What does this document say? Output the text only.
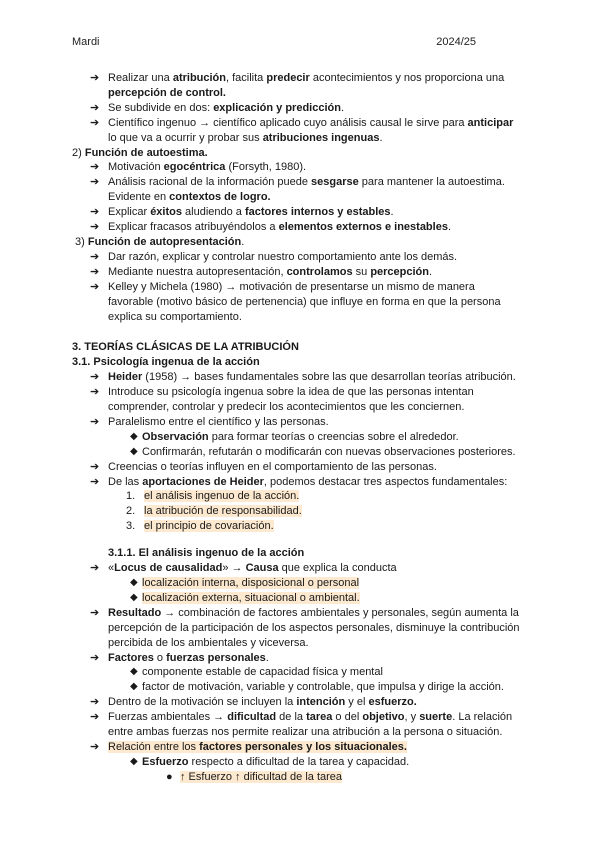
Mardi	2024/25
➔ Realizar una atribución, facilita predecir acontecimientos y nos proporciona una
percepción de control.
➔ Se subdivide en dos: explicación y predicción.
➔ Científico ingenuo → científico aplicado cuyo análisis causal le sirve para anticipar
lo que va a ocurrir y probar sus atribuciones ingenuas.
2) Función de autoestima.
➔ Motivación egocéntrica (Forsyth, 1980).
➔ Análisis racional de la información puede sesgarse para mantener la autoestima.
Evidente en contextos de logro.
➔ Explicar éxitos aludiendo a factores internos y estables.
➔ Explicar fracasos atribuyéndolos a elementos externos e inestables.
3) Función de autopresentación.
➔ Dar razón, explicar y controlar nuestro comportamiento ante los demás.
➔ Mediante nuestra autopresentación, controlamos su percepción.
➔ Kelley y Michela (1980) → motivación de presentarse un mismo de manera
favorable (motivo básico de pertenencia) que influye en forma en que la persona
explica su comportamiento.
3. TEORÍAS CLÁSICAS DE LA ATRIBUCIÓN
3.1. Psicología ingenua de la acción
➔ Heider (1958) → bases fundamentales sobre las que desarrollan teorías atribución.
➔ Introduce su psicología ingenua sobre la idea de que las personas intentan
comprender, controlar y predecir los acontecimientos que les conciernen.
➔ Paralelismo entre el científico y las personas.
◆ Observación para formar teorías o creencias sobre el alrededor.
◆ Confirmarán, refutarán o modificarán con nuevas observaciones posteriores.
➔ Creencias o teorías influyen en el comportamiento de las personas.
➔ De las aportaciones de Heider, podemos destacar tres aspectos fundamentales:
1. el análisis ingenuo de la acción.
2. la atribución de responsabilidad.
3. el principio de covariación.
3.1.1. El análisis ingenuo de la acción
➔ «Locus de causalidad» → Causa que explica la conducta
◆ localización interna, disposicional o personal
◆ localización externa, situacional o ambiental.
➔ Resultado → combinación de factores ambientales y personales, según aumenta la
percepción de la participación de los aspectos personales, disminuye la contribución
percibida de los ambientales y viceversa.
➔ Factores o fuerzas personales.
◆ componente estable de capacidad física y mental
◆ factor de motivación, variable y controlable, que impulsa y dirige la acción.
➔ Dentro de la motivación se incluyen la intención y el esfuerzo.
➔ Fuerzas ambientales → dificultad de la tarea o del objetivo, y suerte. La relación
entre ambas fuerzas nos permite realizar una atribución a la persona o situación.
➔ Relación entre los factores personales y los situacionales.
◆ Esfuerzo respecto a dificultad de la tarea y capacidad.
● ↑ Esfuerzo ↑ dificultad de la tarea
